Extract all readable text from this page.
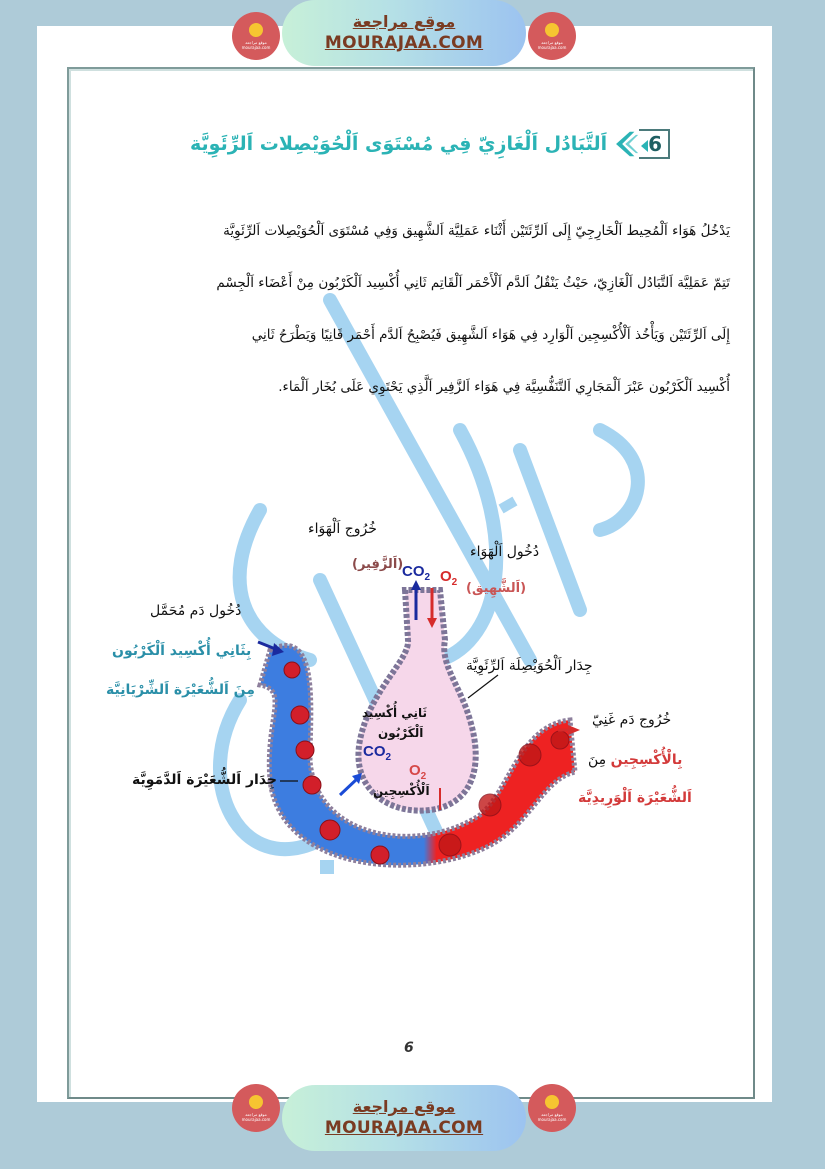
موقع مراجعة mourajaa.com
موقع مراجعة
MOURAJAA.COM	موقع مراجعة mourajaa.com
اَلتَّبَادُل اَلْغَازِيّ فِي مُسْتَوَى اَلْحُوَيْصِلات اَلرِّئَوِيَّة 6
يَدْخُلُ هَوَاء اَلْمُحِيط اَلْخَارِجِيّ إِلَى اَلرِّئَتَيْن أَثْنَاء عَمَلِيَّة اَلشَّهِيق وَفِي مُسْتَوَى اَلْحُوَيْصِلات اَلرِّئَوِيَّة
تَتِمّ عَمَلِيَّة اَلتَّبَادُل اَلْغَازِيّ، حَيْثُ يَنْقُلُ اَلدَّم اَلْأَحْمَر اَلْقَاتِم ثَانِي أُكْسِيد اَلْكَرْبُون مِنْ أَعْضَاء اَلْجِسْم
إِلَى اَلرِّئَتَيْن وَيَأْخُذ اَلْأُكْسِجِين اَلْوَارِد فِي هَوَاء اَلشَّهِيق فَيُصْبِحُ اَلدَّم أَحْمَر قَانِيًا وَيَطْرَحُ ثَانِي
أُكْسِيد اَلْكَرْبُون عَبْرَ اَلْمَجَارِي اَلتَّنَفُّسِيَّة فِي هَوَاء اَلزَّفِير اَلَّذِي يَحْتَوِي عَلَى بُخَار اَلْمَاء.
خُرُوج اَلْهَوَاء
(اَلزَّفِير)
دُخُول اَلْهَوَاء
(اَلشَّهِيق)
$CO_2$ $O_2$
دُخُول دَم مُحَمَّل
بِثَانِي أُكْسِيد اَلْكَرْبُون
مِنَ اَلشُّعَيْرَة اَلشِّرْيَانِيَّة
جِدَار اَلْحُوَيْصِلَة اَلرِّئَوِيَّة
جِدَار اَلشُّعَيْرَة اَلدَّمَوِيَّة
ثَانِي أُكْسِيد
اَلْكَرْبُون
$CO_2$
$O_2$
اَلْأُكْسِجِين
خُرُوج دَم غَنِيّ
بِالْأُكْسِجِين مِنَ
اَلشُّعَيْرَة اَلْوَرِيدِيَّة
6
موقع مراجعة mourajaa.com
موقع مراجعة
MOURAJAA.COM
موقع مراجعة mourajaa.com
